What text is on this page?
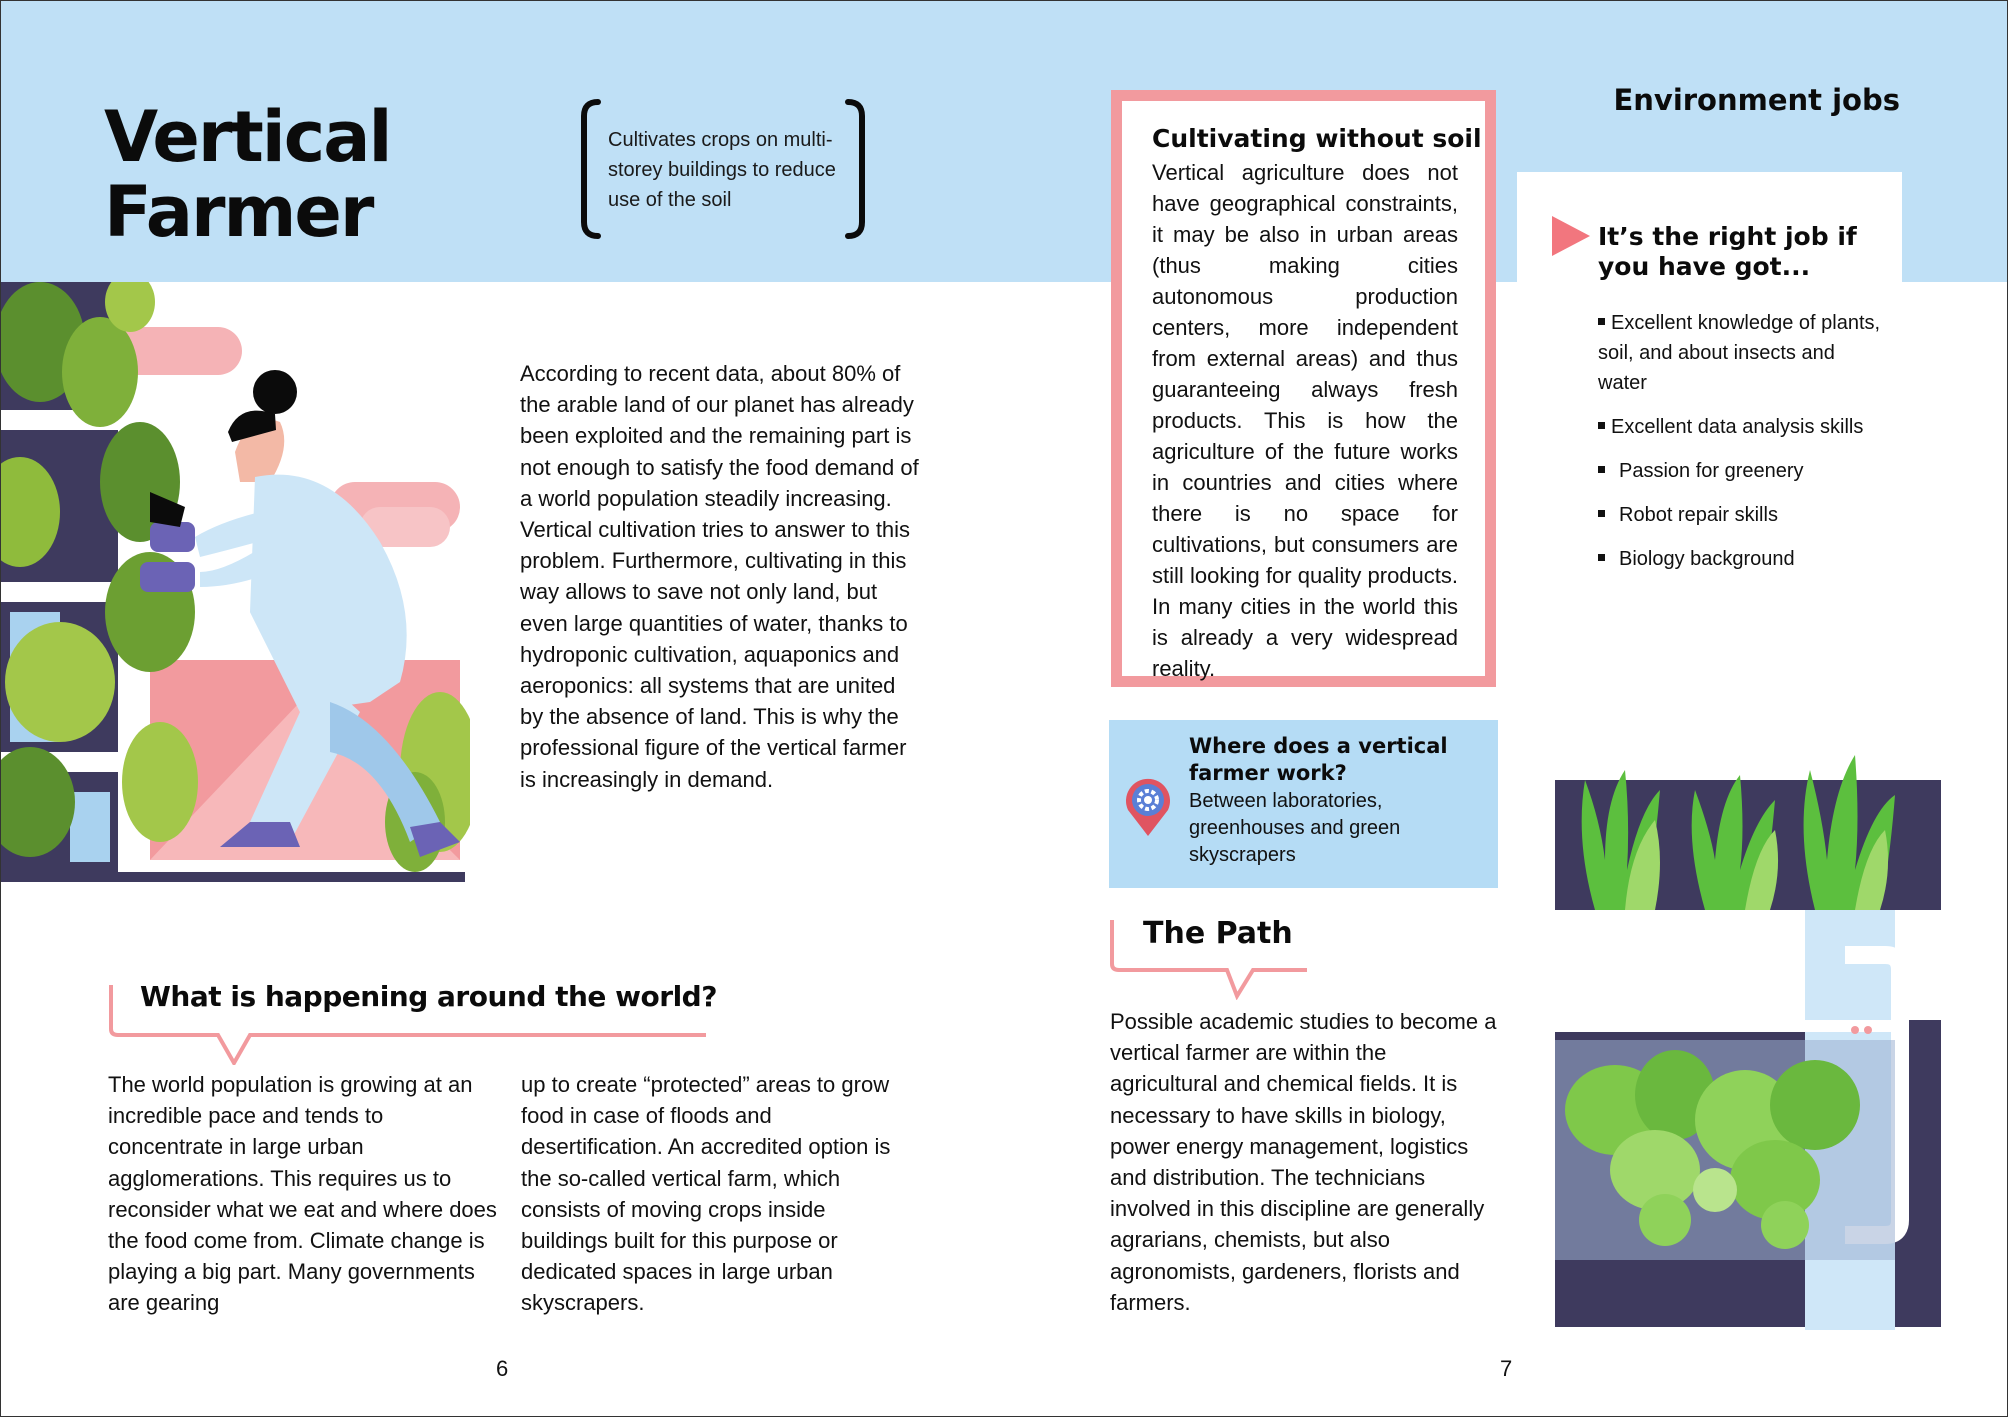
Vertical
Farmer
Cultivates crops on multi-storey buildings to reduce use of the soil
According to recent data, about 80% of the arable land of our planet has already been exploited and the remaining part is not enough to satisfy the food demand of a world population steadily increasing. Vertical cultivation tries to answer to this problem. Furthermore, cultivating in this way allows to save not only land, but even large quantities of water, thanks to hydroponic cultivation, aquaponics and aeroponics: all systems that are united by the absence of land. This is why the professional figure of the vertical farmer is increasingly in demand.
What is happening around the world?
The world population is growing at an incredible pace and tends to concentrate in large urban agglomerations. This requires us to reconsider what we eat and where does the food come from. Climate change is playing a big part. Many governments are gearing
up to create “protected” areas to grow food in case of floods and desertification. An accredited option is the so-called vertical farm, which consists of moving crops inside buildings built for this purpose or dedicated spaces in large urban skyscrapers.
6
Cultivating without soil
Vertical agriculture does not have geographical constraints, it may be also in urban areas (thus making cities autonomous production centers, more independent from external areas) and thus guaranteeing always fresh products. This is how the agriculture of the future works in countries and cities where there is no space for cultivations, but consumers are still looking for quality products. In many cities in the world this is already a very widespread reality.
Where does a vertical farmer work?
Between laboratories, greenhouses and green skyscrapers
The Path
Possible academic studies to become a vertical farmer are within the agricultural and chemical fields. It is necessary to have skills in biology, power energy management, logistics and distribution. The technicians involved in this discipline are generally agrarians, chemists, but also agronomists, gardeners, florists and farmers.
Environment jobs
It’s the right job if you have got...
Excellent knowledge of plants, soil, and about insects and water
Excellent data analysis skills
Passion for greenery
Robot repair skills
Biology background
7
